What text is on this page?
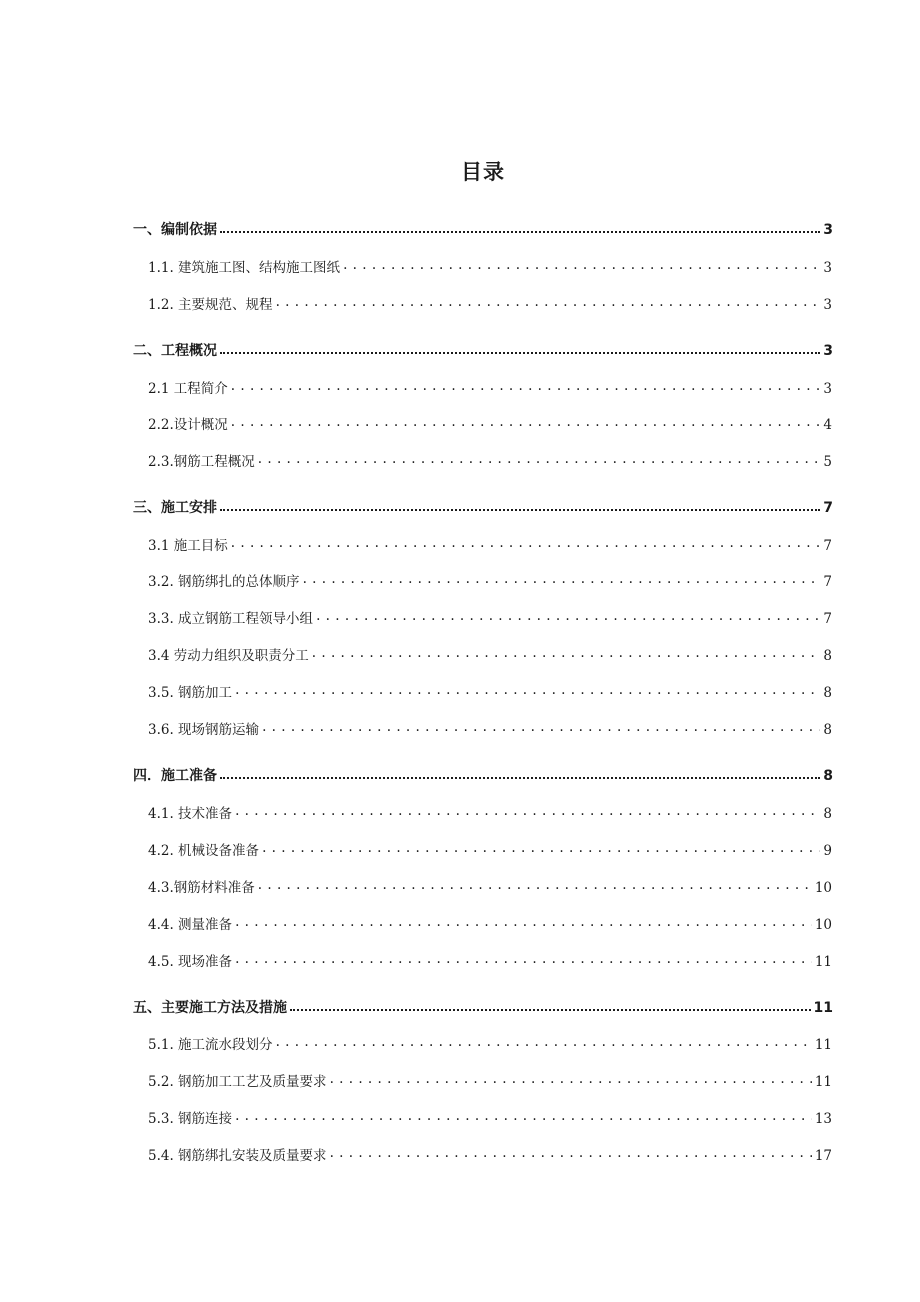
目录
一、编制依据	3
1.1. 建筑施工图、结构施工图纸 .....	3
1.2. 主要规范、规程 .....	3
二、工程概况	3
2.1 工程简介 .....	3
2.2.设计概况 .....	4
2.3.钢筋工程概况 .....	5
三、施工安排	7
3.1 施工目标 .....	7
3.2. 钢筋绑扎的总体顺序 .....	7
3.3. 成立钢筋工程领导小组 .....	7
3.4 劳动力组织及职责分工 .....	8
3.5. 钢筋加工 .....	8
3.6. 现场钢筋运输 .....	8
四．施工准备	8
4.1. 技术准备 .....	8
4.2. 机械设备准备 .....	9
4.3.钢筋材料准备 .....	10
4.4. 测量准备 .....	10
4.5. 现场准备 .....	11
五、主要施工方法及措施	11
5.1. 施工流水段划分 .....	11
5.2. 钢筋加工工艺及质量要求 .....	11
5.3. 钢筋连接 .....	13
5.4. 钢筋绑扎安装及质量要求 .....	17
